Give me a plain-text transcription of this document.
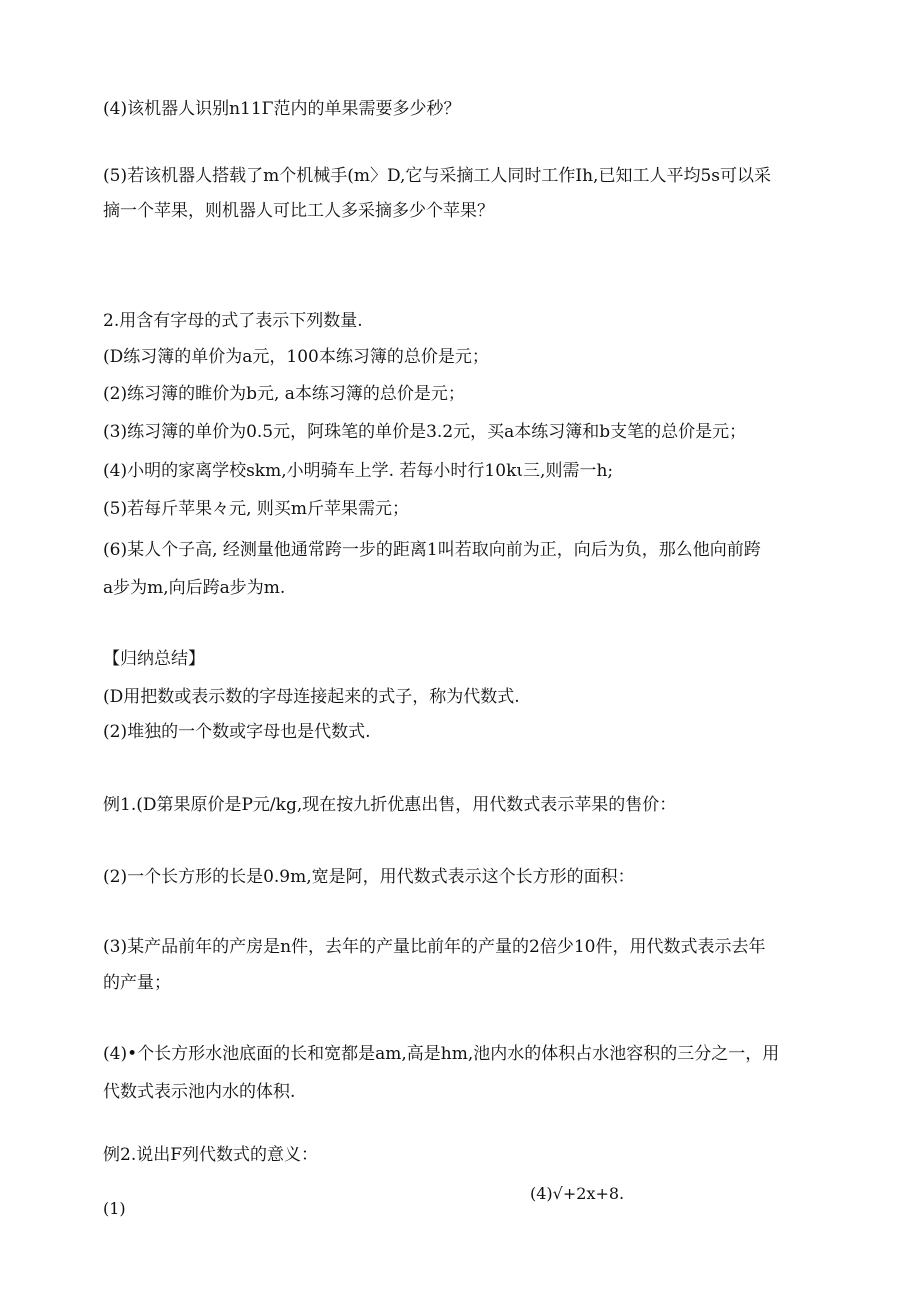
(4)该机器人识别n11Γ范内的单果需要多少秒？
(5)若该机器人搭载了m个机械手(m〉D,它与采摘工人同时工作Ih,已知工人平均5s可以采
摘一个苹果，则机器人可比工人多采摘多少个苹果？
2.用含有字母的式了表示下列数量.
(D练习簿的单价为a元，100本练习簿的总价是元；
(2)练习簿的睢价为b元, a本练习簿的总价是元；
(3)练习簿的单价为0.5元，阿珠笔的单价是3.2元，买a本练习簿和b支笔的总价是元；
(4)小明的家离学校skm,小明骑车上学. 若每小时行10kι三,则需一h;
(5)若每斤苹果々元, 则买m斤苹果需元；
(6)某人个子高, 经测量他通常跨一步的距离1叫若取向前为正，向后为负，那么他向前跨
a步为m,向后跨a步为m.
【归纳总结】
(D用把数或表示数的字母连接起来的式子，称为代数式.
(2)堆独的一个数或字母也是代数式.
例1.(D第果原价是P元/kg,现在按九折优惠出售，用代数式表示苹果的售价：
(2)一个长方形的长是0.9m,宽是阿，用代数式表示这个长方形的面积：
(3)某产品前年的产房是n件，去年的产量比前年的产量的2倍少10件，用代数式表示去年
的产量；
(4)•个长方形水池底面的长和宽都是am,高是hm,池内水的体积占水池容积的三分之一，用
代数式表示池内水的体积.
例2.说出F列代数式的意义：
(1)
(4)√+2x+8.
